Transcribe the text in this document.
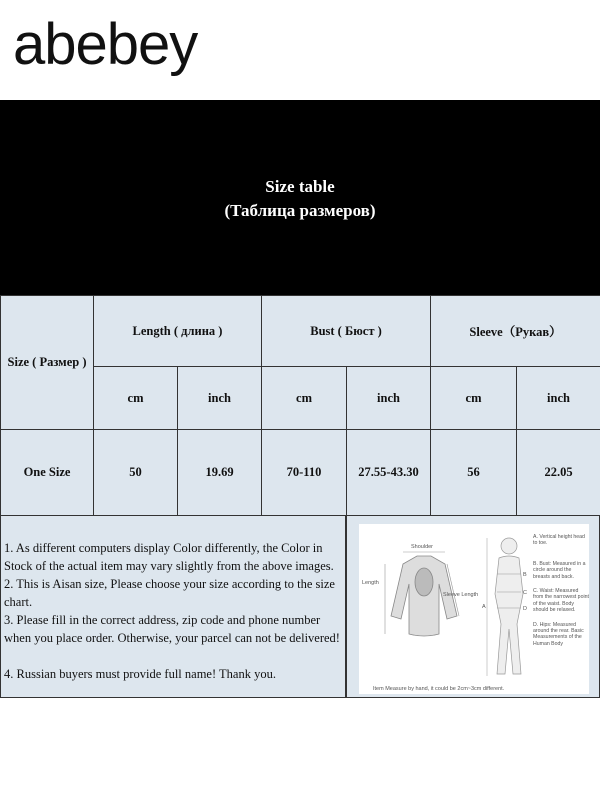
abebey
Size table
(Таблица размеров)
Size ( Размер )	Length ( длина )		Bust ( Бюст )		Sleeve（Рукав）	
	cm	inch	cm	inch	cm	inch
One Size	50	19.69	70-110	27.55-43.30	56	22.05

1. As different computers display Color differently, the Color in Stock of the actual item may vary slightly from the above images.

2. This is Aisan size, Please choose your size according to the size chart.

3. Please fill in the correct address, zip code and phone number when you place order. Otherwise, your parcel can not be delivered!

4. Russian buyers must provide full name! Thank you.

Shoulder
Length
Sleeve Length
A
B
C
D
A. Vertical height head to toe.
B. Bust: Measured in a circle around the breasts and back.
C. Waist: Measured from the narrowest point of the waist. Body should be relaxed.
D. Hips: Measured around the rear. Basic Measurements of the Human Body
Item Measure by hand, it could be 2cm~3cm different.
